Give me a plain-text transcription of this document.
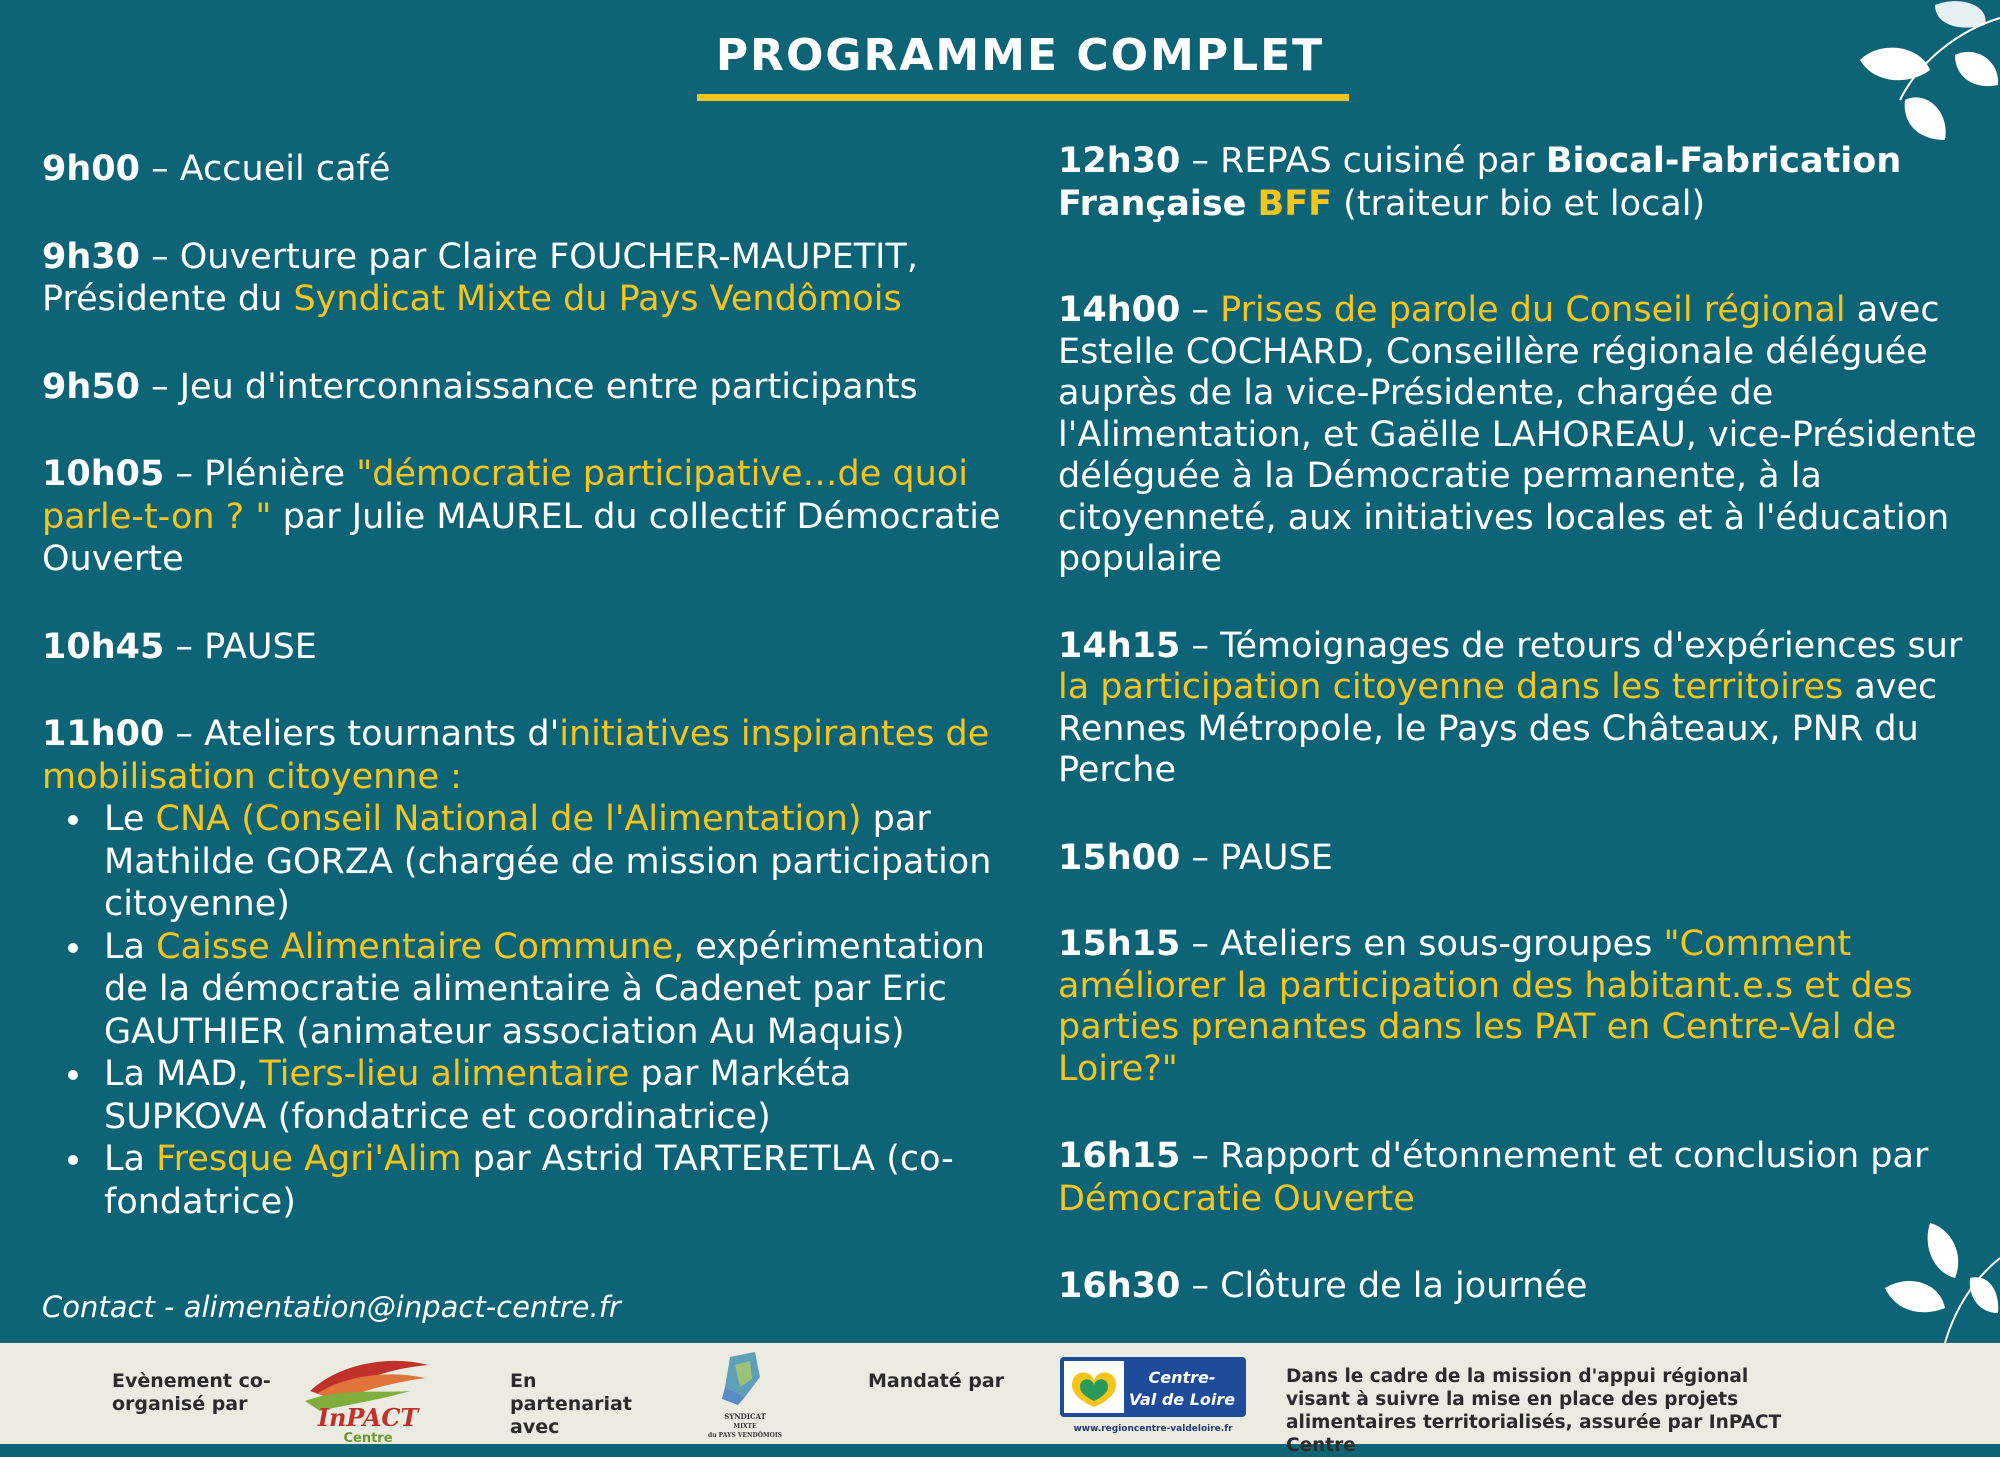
PROGRAMME COMPLET
9h00 – Accueil café
9h30 – Ouverture par Claire FOUCHER-MAUPETIT, Présidente du Syndicat Mixte du Pays Vendômois
9h50 – Jeu d'interconnaissance entre participants
10h05 – Plénière "démocratie participative…de quoi parle-t-on ? " par Julie MAUREL du collectif Démocratie Ouverte
10h45 – PAUSE
11h00 – Ateliers tournants d'initiatives inspirantes de mobilisation citoyenne :
Le CNA (Conseil National de l'Alimentation) par Mathilde GORZA (chargée de mission participation citoyenne)
La Caisse Alimentaire Commune, expérimentation de la démocratie alimentaire à Cadenet par Eric GAUTHIER (animateur association Au Maquis)
La MAD, Tiers-lieu alimentaire par Markéta SUPKOVA (fondatrice et coordinatrice)
La Fresque Agri'Alim par Astrid TARTERETLA (co-fondatrice)
12h30 – REPAS cuisiné par Biocal-Fabrication Française BFF (traiteur bio et local)
14h00 – Prises de parole du Conseil régional avec Estelle COCHARD, Conseillère régionale déléguée auprès de la vice-Présidente, chargée de l'Alimentation, et Gaëlle LAHOREAU, vice-Présidente déléguée à la Démocratie permanente, à la citoyenneté, aux initiatives locales et à l'éducation populaire
14h15 – Témoignages de retours d'expériences sur la participation citoyenne dans les territoires avec Rennes Métropole, le Pays des Châteaux, PNR du Perche
15h00 – PAUSE
15h15 – Ateliers en sous-groupes "Comment améliorer la participation des habitant.e.s et des parties prenantes dans les PAT en Centre-Val de Loire?"
16h15 – Rapport d'étonnement et conclusion par Démocratie Ouverte
16h30 – Clôture de la journée
Contact - alimentation@inpact-centre.fr
Evènement co-organisé par	InPACT
Centre
En partenariat avec	SYNDICAT
MIXTE
du PAYS VENDÔMOIS
Mandaté par	Centre-
Val de Loire
www.regioncentre-valdeloire.fr
Dans le cadre de la mission d'appui régional visant à suivre la mise en place des projets alimentaires territorialisés, assurée par InPACT Centre
